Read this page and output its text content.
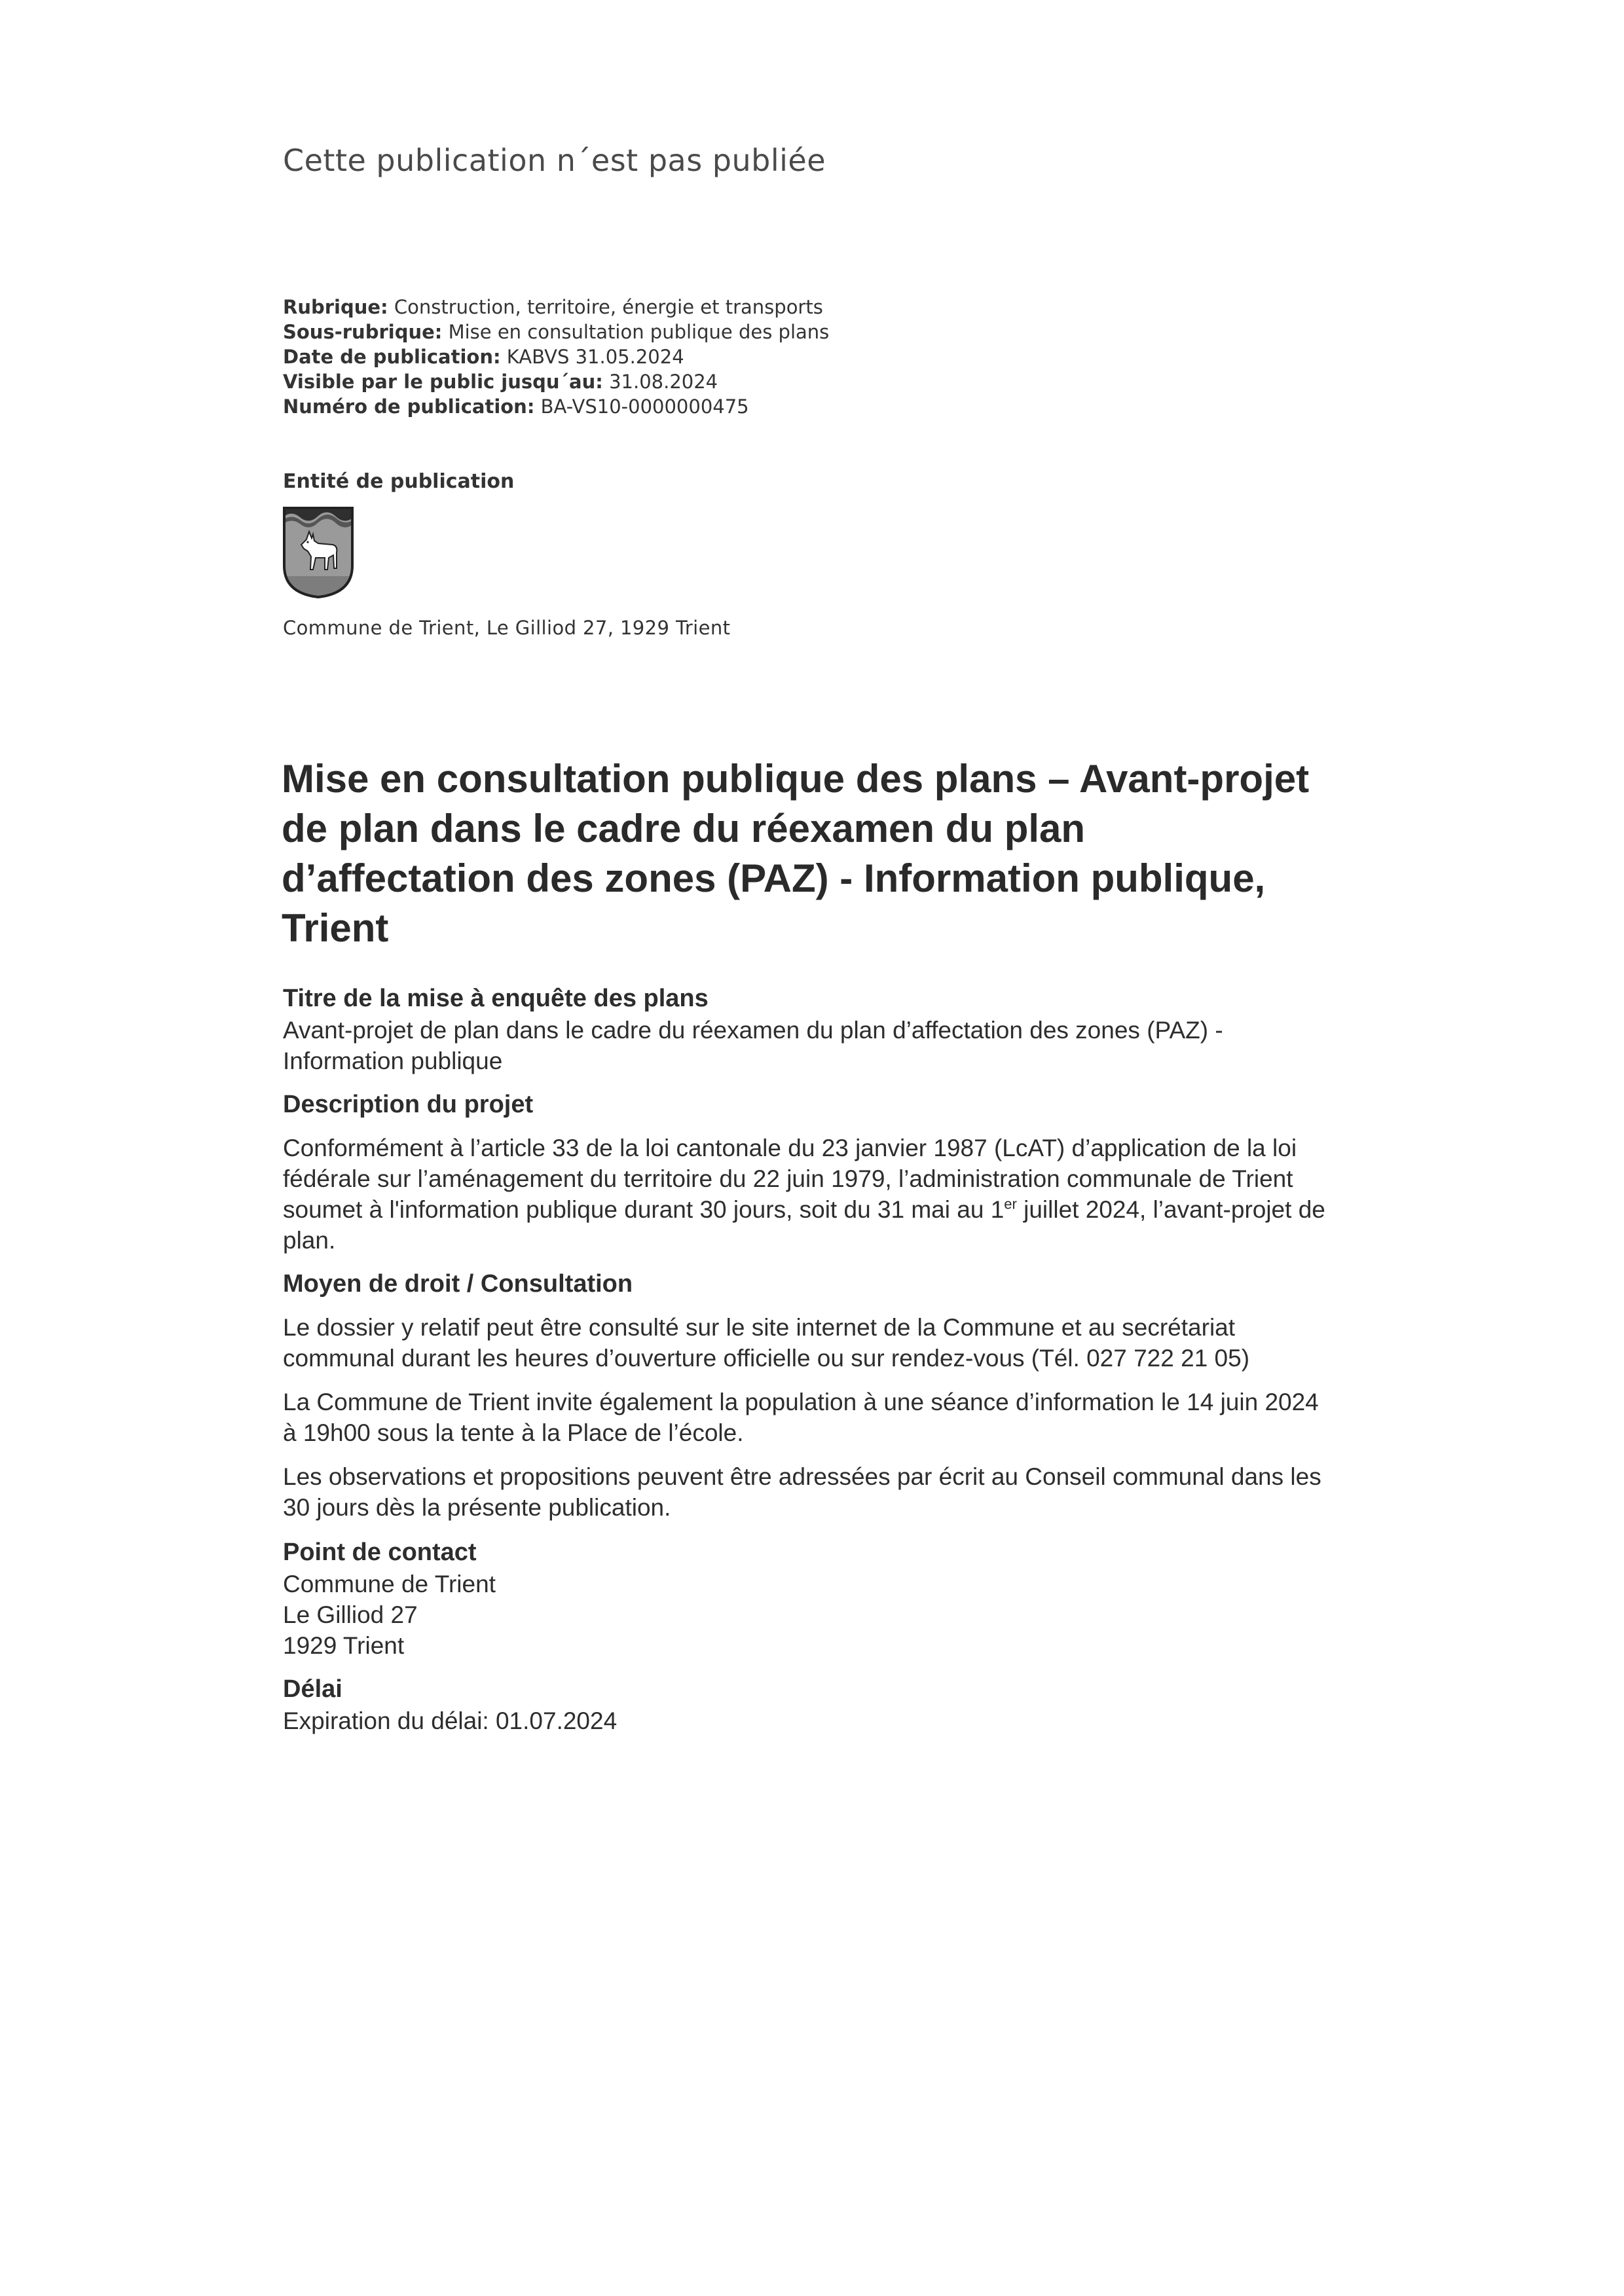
Cette publication n´est pas publiée
Rubrique: Construction, territoire, énergie et transports
Sous-rubrique: Mise en consultation publique des plans
Date de publication: KABVS 31.05.2024
Visible par le public jusqu´au: 31.08.2024
Numéro de publication: BA-VS10-0000000475
Entité de publication
Commune de Trient, Le Gilliod 27, 1929 Trient
Mise en consultation publique des plans – Avant-projet de plan dans le cadre du réexamen du plan d’affectation des zones (PAZ) - Information publique, Trient

Titre de la mise à enquête des plans

Avant-projet de plan dans le cadre du réexamen du plan d’affectation des zones (PAZ) - Information publique

Description du projet

Conformément à l’article 33 de la loi cantonale du 23 janvier 1987 (LcAT) d’application de la loi fédérale sur l’aménagement du territoire du 22 juin 1979, l’administration communale de Trient soumet à l'information publique durant 30 jours, soit du 31 mai au 1er juillet 2024, l’avant-projet de plan.

Moyen de droit / Consultation

Le dossier y relatif peut être consulté sur le site internet de la Commune et au secrétariat communal durant les heures d’ouverture officielle ou sur rendez-vous (Tél. 027 722 21 05)

La Commune de Trient invite également la population à une séance d’information le 14 juin 2024 à 19h00 sous la tente à la Place de l’école.

Les observations et propositions peuvent être adressées par écrit au Conseil communal dans les 30 jours dès la présente publication.

Point de contact

Commune de Trient

Le Gilliod 27

1929 Trient

Délai

Expiration du délai: 01.07.2024
